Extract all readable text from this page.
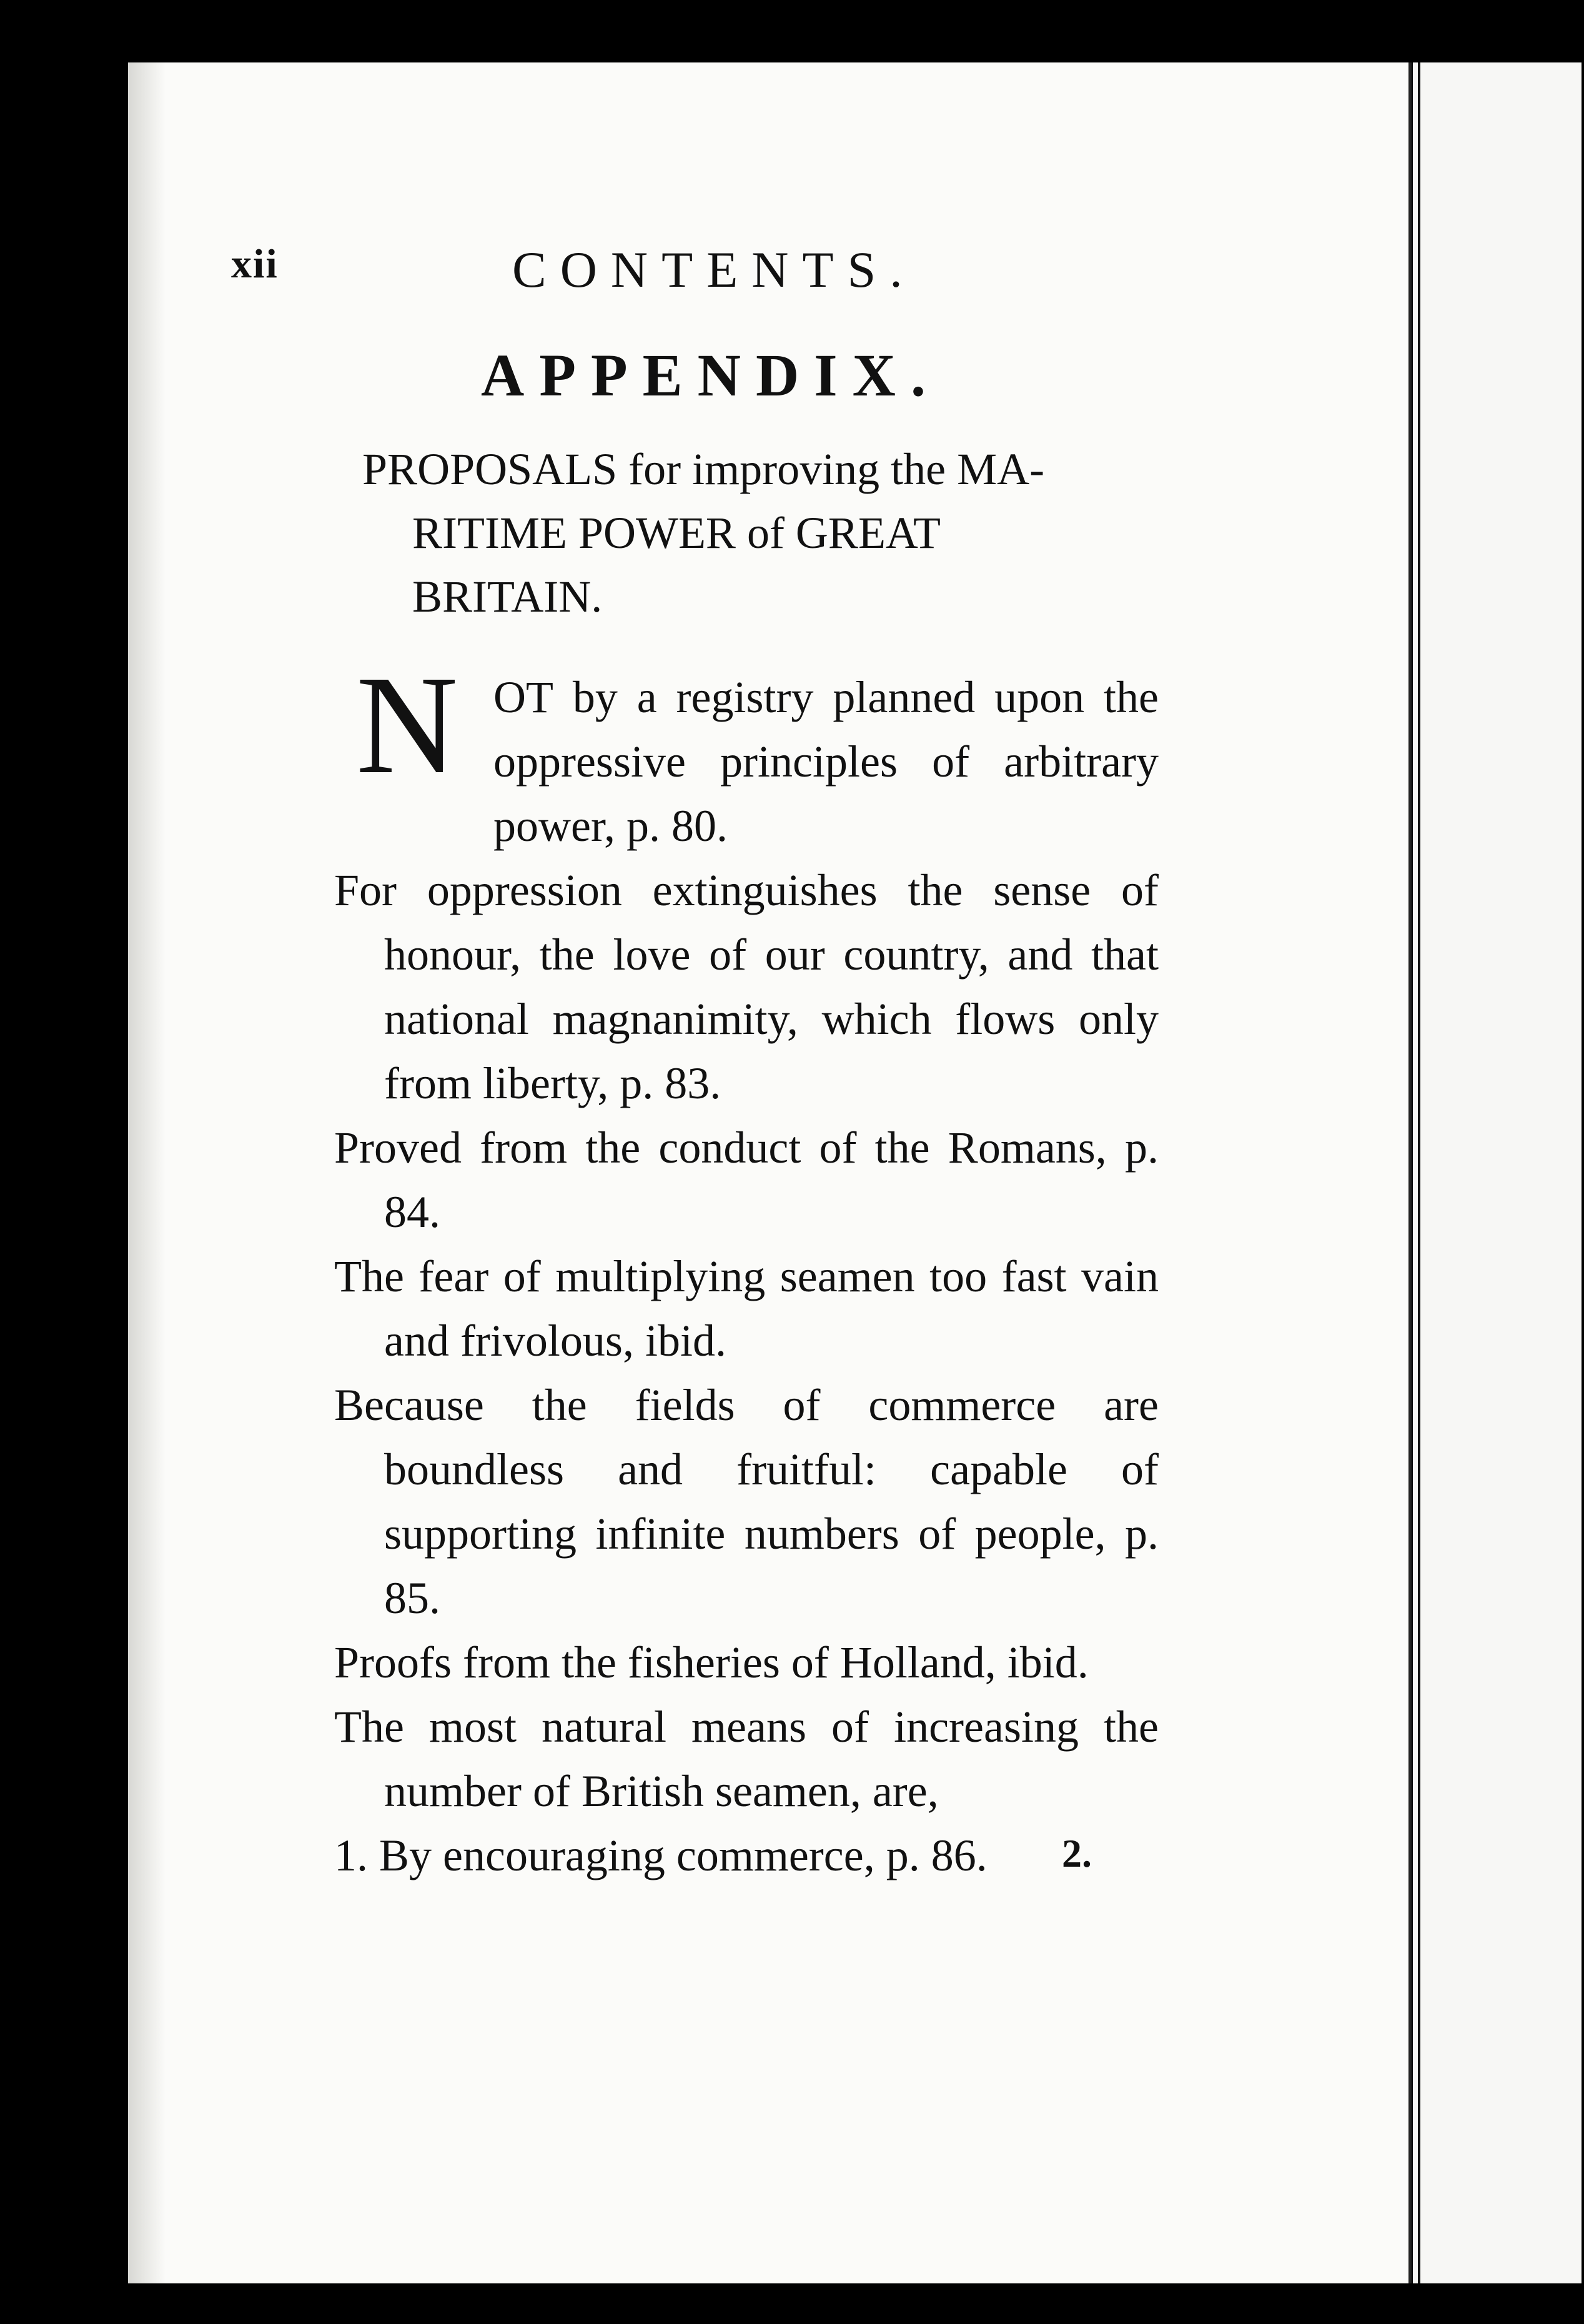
xii	CONTENTS.
APPENDIX.
PROPOSALS for improving the MA-
RITIME POWER of GREAT
BRITAIN.

N OT by a registry planned upon the oppressive principles of arbitrary power, p. 80.

For oppression extinguishes the sense of honour, the love of our country, and that national magnanimity, which flows only from liberty, p. 83.

Proved from the conduct of the Romans, p. 84.

The fear of multiplying seamen too fast vain and frivolous, ibid.

Because the fields of commerce are boundless and fruitful: capable of supporting infinite numbers of people, p. 85.

Proofs from the fisheries of Holland, ibid.

The most natural means of increasing the number of British seamen, are,

1. By encouraging commerce, p. 86.	2.
